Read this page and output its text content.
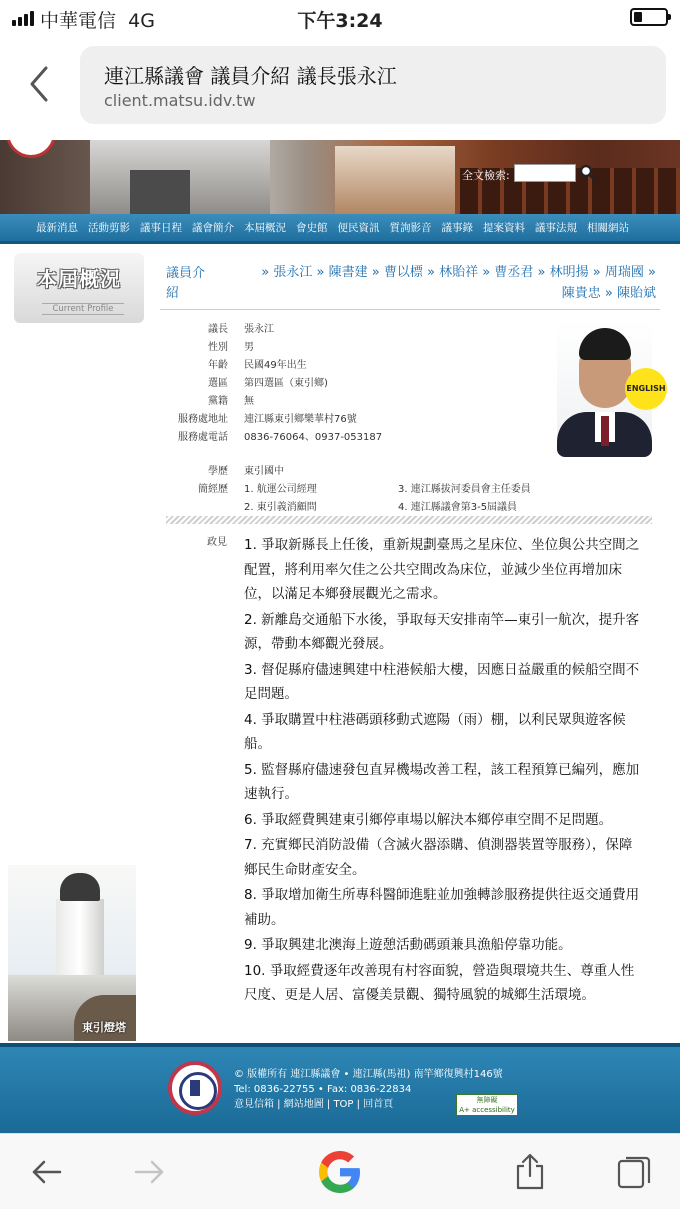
中華電信 4G	下午3:24
連江縣議會 議員介紹 議長張永江
client.matsu.idv.tw
全文檢索:
最新消息 活動剪影 議事日程 議會簡介 本屆概況 會史館 便民資訊 質詢影音 議事錄 提案資料 議事法規 相關網站
本屆概況
Current Profile
東引燈塔
議員介紹
» 張永江 » 陳書建 » 曹以標 » 林貽祥 » 曹丞君 » 林明揚 » 周瑞國 »
陳貴忠 » 陳貽斌
議長 張永江
性別 男
年齡 民國49年出生
選區 第四選區（東引鄉)
黨籍 無
服務處地址 連江縣東引鄉樂華村76號
服務處電話 0836-76064、0937-053187
學歷 東引國中
簡經歷 1. 航運公司經理	3. 連江縣拔河委員會主任委員
2. 東引義消顧問	4. 連江縣議會第3-5屆議員
ENGLISH
政見 1. 爭取新縣長上任後，重新規劃臺馬之星床位、坐位與公共空間之配置，將利用率欠佳之公共空間改為床位，並減少坐位再增加床位，以滿足本鄉發展觀光之需求。

2. 新離島交通船下水後，爭取每天安排南竿—東引一航次，提升客源，帶動本鄉觀光發展。

3. 督促縣府儘速興建中柱港候船大樓，因應日益嚴重的候船空間不足問題。

4. 爭取購置中柱港碼頭移動式遮陽（雨）棚，以利民眾與遊客候船。

5. 監督縣府儘速發包直昇機場改善工程，該工程預算已編列，應加速執行。

6. 爭取經費興建東引鄉停車場以解決本鄉停車空間不足問題。

7. 充實鄉民消防設備（含滅火器添購、偵測器裝置等服務），保障鄉民生命財產安全。

8. 爭取增加衛生所專科醫師進駐並加強轉診服務提供往返交通費用補助。

9. 爭取興建北澳海上遊憩活動碼頭兼具漁船停靠功能。

10. 爭取經費逐年改善現有村容面貌，營造與環境共生、尊重人性尺度、更是人居、富優美景觀、獨特風貌的城鄉生活環境。

© 版權所有 連江縣議會 • 連江縣(馬祖) 南竿鄉復興村146號
Tel: 0836-22755 • Fax: 0836-22834
意見信箱 | 網站地圖 | TOP | 回首頁	無障礙
A+ accessibility
